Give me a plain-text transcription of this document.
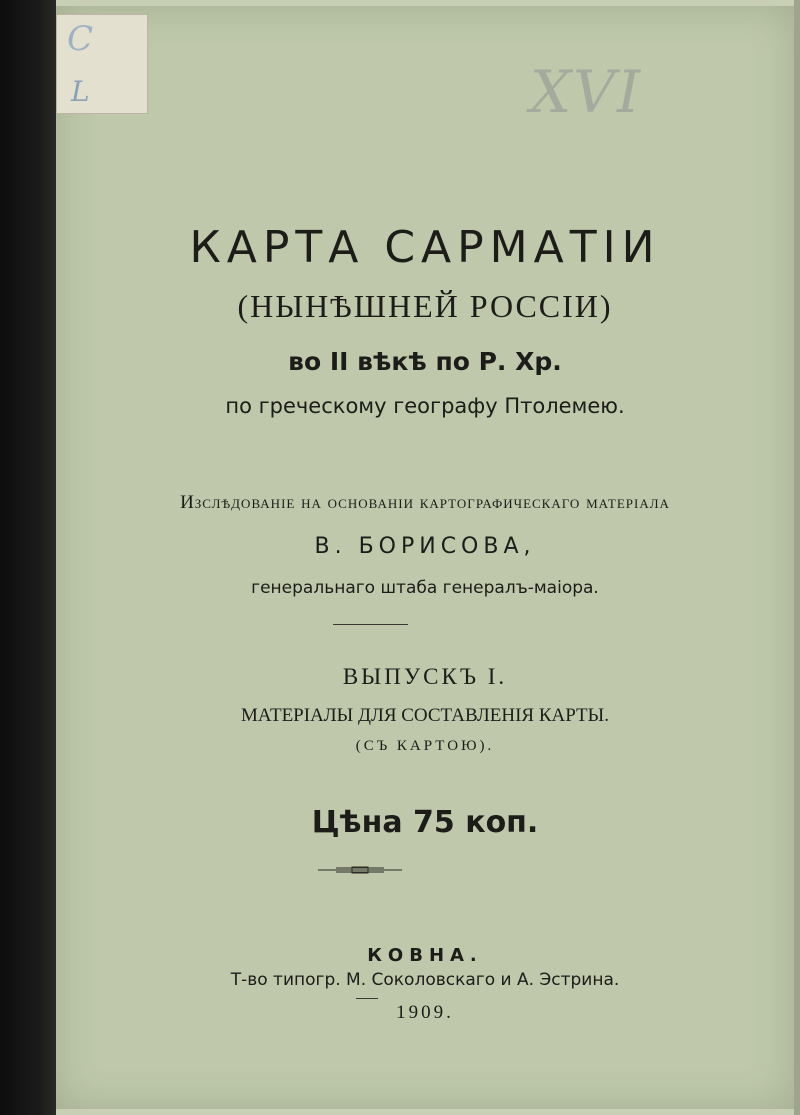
С
L	XVI
КАРТА САРМАТІИ
(НЫНѢШНЕЙ РОССІИ)
во II вѣкѣ по Р. Хр.
по греческому географу Птолемею.
Изслѣдованіе на основаніи картографическаго матеріала
В. БОРИСОВА,
генеральнаго штаба генералъ-маіора.
ВЫПУСКЪ I.
МАТЕРІАЛЫ ДЛЯ СОСТАВЛЕНІЯ КАРТЫ.
(СЪ КАРТОЮ).
Цѣна 75 коп.
КОВНА.
Т-во типогр. М. Соколовскаго и А. Эстрина.
1909.
